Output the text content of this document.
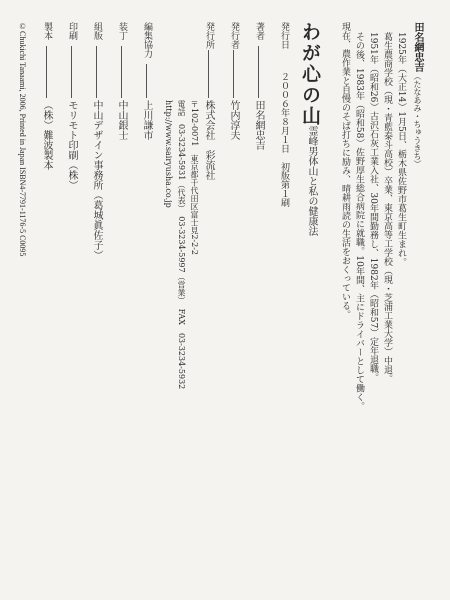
田名網忠吉（たなあみ・ちゅうきち）
1925年（大正14）1月5日、栃木県佐野市葛生町生まれ。
葛生農商学校（現・青藍泰斗高校）卒業、東京高等工学校（現・芝浦工業大学）中退。
1951年（昭和26）古沢石灰工業入社、30年間勤務し、1982年（昭和57）定年退職。
その後、1983年（昭和58）佐野厚生総合病院に就職。10年間、主にドライバーとして働く。
現在、農作業と自慢のそば打ちに励み、晴耕雨読の生活をおくっている。
わが心の山
霊峰男体山と私の健康法
発行日
２００６年８月１日　初版第１刷
著者
田名網忠吉
発行者
竹内淳夫
発行所
株式会社　彩流社
〒102-0071　東京都千代田区富士見2-2-2
電話　03-3234-5931（代表）　03-3234-5997（営業）　FAX　03-3234-5932
http://www.sairyusha.co.jp
編集協力
上川謙市
装丁
中山銀士
組版
中山デザイン事務所（葛城眞佐子）
印刷
モリモト印刷（株）
製本
（株）難波製本
©Chukichi Tanaami, 2006, Printed in Japan ISBN4-7791-1176-5 C0095
